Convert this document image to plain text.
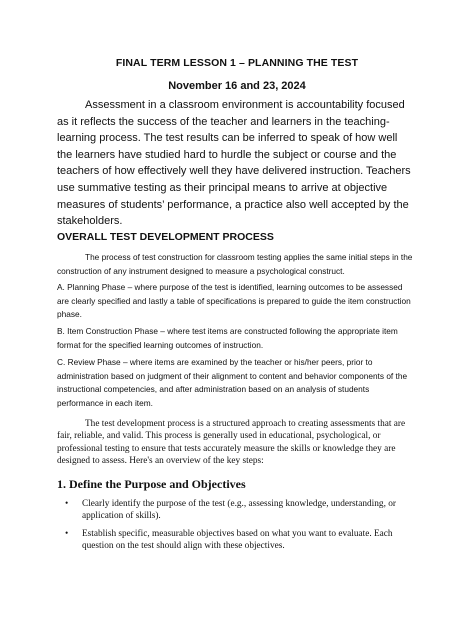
FINAL TERM LESSON 1 – PLANNING THE TEST
November 16 and 23, 2024

Assessment in a classroom environment is accountability focused as it reflects the success of the teacher and learners in the teaching-learning process. The test results can be inferred to speak of how well the learners have studied hard to hurdle the subject or course and the teachers of how effectively well they have delivered instruction. Teachers use summative testing as their principal means to arrive at objective measures of students’ performance, a practice also well accepted by the stakeholders.

OVERALL TEST DEVELOPMENT PROCESS

The process of test construction for classroom testing applies the same initial steps in the construction of any instrument designed to measure a psychological construct.

A. Planning Phase – where purpose of the test is identified, learning outcomes to be assessed are clearly specified and lastly a table of specifications is prepared to guide the item construction phase.

B. Item Construction Phase – where test items are constructed following the appropriate item format for the specified learning outcomes of instruction.

C. Review Phase – where items are examined by the teacher or his/her peers, prior to administration based on judgment of their alignment to content and behavior components of the instructional competencies, and after administration based on an analysis of students performance in each item.

The test development process is a structured approach to creating assessments that are fair, reliable, and valid. This process is generally used in educational, psychological, or professional testing to ensure that tests accurately measure the skills or knowledge they are designed to assess. Here's an overview of the key steps:

1. Define the Purpose and Objectives

• Clearly identify the purpose of the test (e.g., assessing knowledge, understanding, or application of skills).
• Establish specific, measurable objectives based on what you want to evaluate. Each question on the test should align with these objectives.
